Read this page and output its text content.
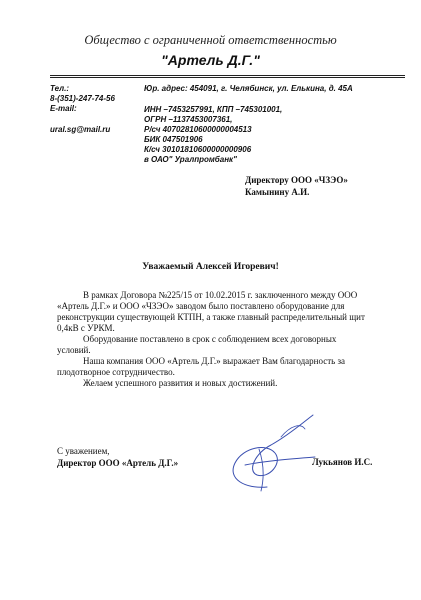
Общество с ограниченной ответственностью
"Артель Д.Г."
Тел.:
8-(351)-247-74-56
E-mail:
ural.sg@mail.ru
Юр. адрес: 454091, г. Челябинск, ул. Елькина, д. 45А
ИНН –7453257991, КПП –745301001,
ОГРН –1137453007361,
Р/сч 40702810600000004513
БИК 047501906
К/сч 30101810600000000906
в ОАО" Уралпромбанк"
Директору ООО «ЧЗЭО»
Камынину А.И.
Уважаемый Алексей Игоревич!

В рамках Договора №225/15 от 10.02.2015 г. заключенного между ООО «Артель Д.Г.» и ООО «ЧЗЭО» заводом было поставлено оборудование для реконструкции существующей КТПН, а также главный распределительный щит 0,4кВ с УРКМ.

Оборудование поставлено в срок с соблюдением всех договорных условий.

Наша компания ООО «Артель Д.Г.» выражает Вам благодарность за плодотворное сотрудничество.

Желаем успешного развития и новых достижений.

С уважением,
Директор ООО «Артель Д.Г.»	Лукьянов И.С.
